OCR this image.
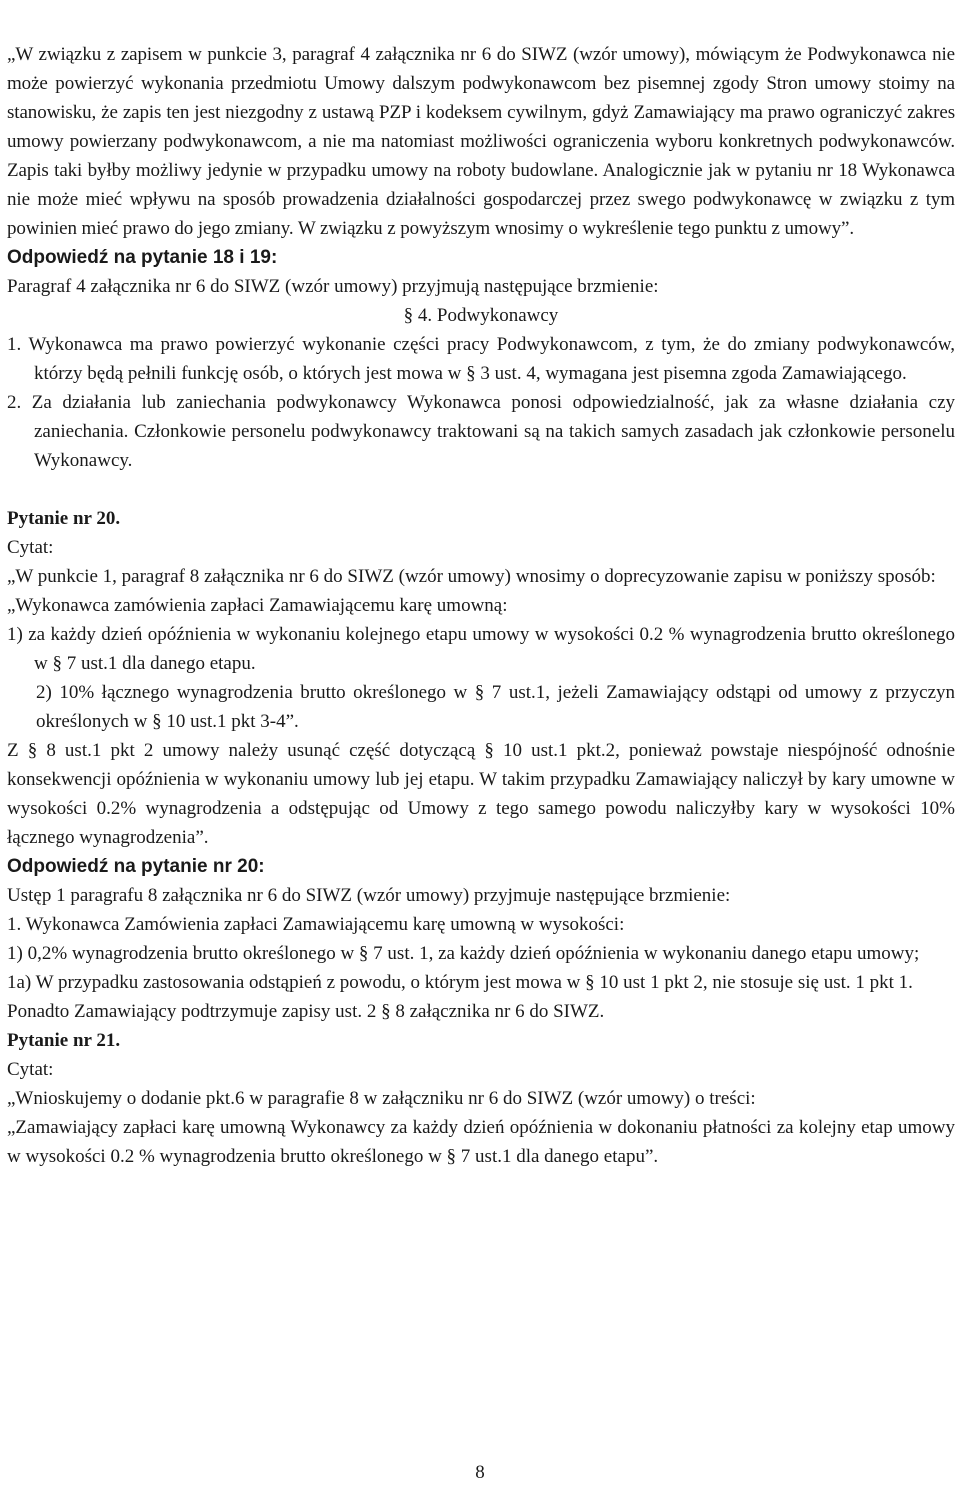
„W związku z zapisem w punkcie 3, paragraf 4 załącznika nr 6 do SIWZ (wzór umowy), mówiącym że Podwykonawca nie może powierzyć wykonania przedmiotu Umowy dalszym podwykonawcom bez pisemnej zgody Stron umowy stoimy na stanowisku, że zapis ten jest niezgodny z ustawą PZP i kodeksem cywilnym, gdyż Zamawiający ma prawo ograniczyć zakres umowy powierzany podwykonawcom, a nie ma natomiast możliwości ograniczenia wyboru konkretnych podwykonawców. Zapis taki byłby możliwy jedynie w przypadku umowy na roboty budowlane. Analogicznie jak w pytaniu nr 18 Wykonawca nie może mieć wpływu na sposób prowadzenia działalności gospodarczej przez swego podwykonawcę w związku z tym powinien mieć prawo do jego zmiany. W związku z powyższym wnosimy o wykreślenie tego punktu z umowy”.

Odpowiedź na pytanie 18 i 19:

Paragraf 4 załącznika nr 6 do SIWZ (wzór umowy) przyjmują następujące brzmienie:

§ 4. Podwykonawcy

1. Wykonawca ma prawo powierzyć wykonanie części pracy Podwykonawcom, z tym, że do zmiany podwykonawców, którzy będą pełnili funkcję osób, o których jest mowa w § 3 ust. 4, wymagana jest pisemna zgoda Zamawiającego.

2. Za działania lub zaniechania podwykonawcy Wykonawca ponosi odpowiedzialność, jak za własne działania czy zaniechania. Członkowie personelu podwykonawcy traktowani są na takich samych zasadach jak członkowie personelu Wykonawcy.

Pytanie nr 20.

Cytat:

„W punkcie 1, paragraf 8 załącznika nr 6 do SIWZ (wzór umowy) wnosimy o doprecyzowanie zapisu w poniższy sposób:

„Wykonawca zamówienia zapłaci Zamawiającemu karę umowną:

1) za każdy dzień opóźnienia w wykonaniu kolejnego etapu umowy w wysokości 0.2 % wynagrodzenia brutto określonego w § 7 ust.1 dla danego etapu.

2) 10% łącznego wynagrodzenia brutto określonego w § 7 ust.1, jeżeli Zamawiający odstąpi od umowy z przyczyn określonych w § 10 ust.1 pkt 3-4”.

Z § 8 ust.1 pkt 2 umowy należy usunąć część dotyczącą § 10 ust.1 pkt.2, ponieważ powstaje niespójność odnośnie konsekwencji opóźnienia w wykonaniu umowy lub jej etapu. W takim przypadku Zamawiający naliczył by kary umowne w wysokości 0.2% wynagrodzenia a odstępując od Umowy z tego samego powodu naliczyłby kary w wysokości 10% łącznego wynagrodzenia”.

Odpowiedź na pytanie nr 20:

Ustęp 1 paragrafu 8 załącznika nr 6 do SIWZ (wzór umowy) przyjmuje następujące brzmienie:

1. Wykonawca Zamówienia zapłaci Zamawiającemu karę umowną w wysokości:

1) 0,2% wynagrodzenia brutto określonego w § 7 ust. 1, za każdy dzień opóźnienia w wykonaniu danego etapu umowy;

1a) W przypadku zastosowania odstąpień z powodu, o którym jest mowa w § 10 ust 1 pkt 2, nie stosuje się ust. 1 pkt 1.

Ponadto Zamawiający podtrzymuje zapisy ust. 2 § 8 załącznika nr 6 do SIWZ.

Pytanie nr 21.

Cytat:

„Wnioskujemy o dodanie pkt.6 w paragrafie 8 w załączniku nr 6 do SIWZ (wzór umowy) o treści:

„Zamawiający zapłaci karę umowną Wykonawcy za każdy dzień opóźnienia w dokonaniu płatności za kolejny etap umowy w wysokości 0.2 % wynagrodzenia brutto określonego w § 7 ust.1 dla danego etapu”.

8
